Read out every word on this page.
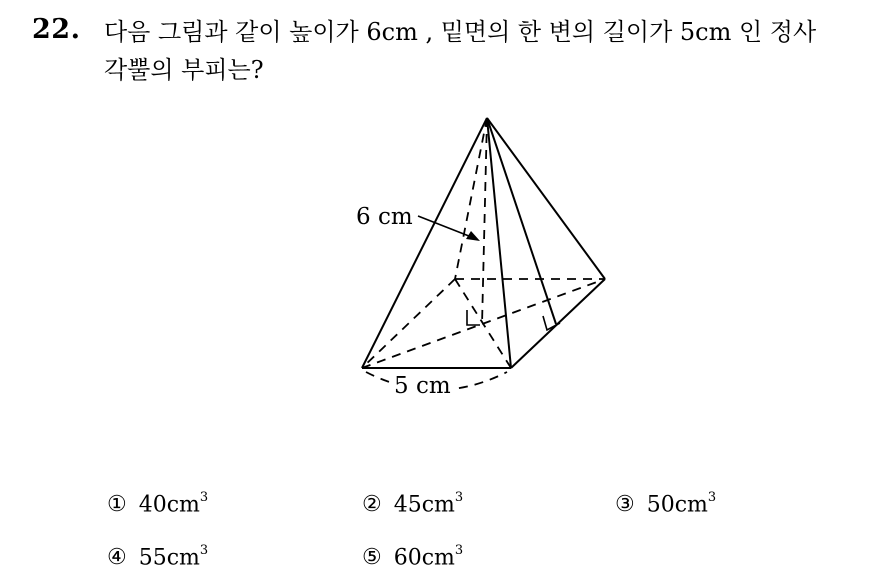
22. 다음 그림과 같이 높이가 6cm , 밑면의 한 변의 길이가 5cm 인 정사
각뿔의 부피는?
6 cm
5 cm
① $40cm^3$	② $45cm^3$	③ $50cm^3$
④ $55cm^3$	⑤ $60cm^3$
